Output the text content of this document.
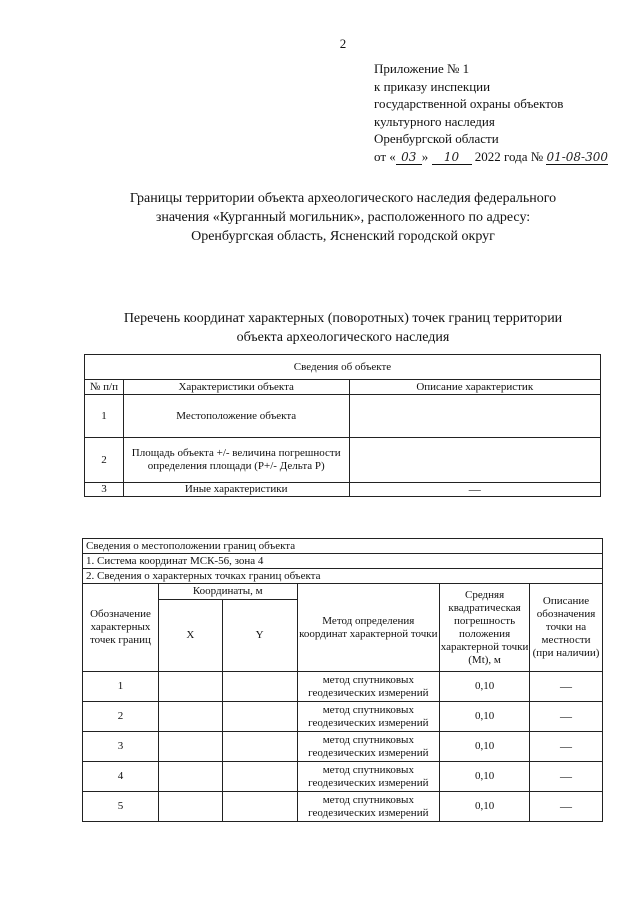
2
Приложение № 1
к приказу инспекции
государственной охраны объектов
культурного наследия
Оренбургской области
от « 03 » 10 2022 года № 01-08-300
Границы территории объекта археологического наследия федерального
значения «Курганный могильник», расположенного по адресу:
Оренбургская область, Ясненский городской округ
Перечень координат характерных (поворотных) точек границ территории
объекта археологического наследия
Сведения об объекте		
№ п/п	Характеристики объекта	Описание характеристик
1	Местоположение объекта	
2	Площадь объекта +/- величина погрешности определения площади (Р+/- Дельта Р)	
3	Иные характеристики	—
Сведения о местоположении границ объекта					
1. Система координат МСК-56, зона 4					
2. Сведения о характерных точках границ объекта					
Обозначение характерных точек границ	Координаты, м		Метод определения координат характерной точки	Средняя квадратическая погрешность положения характерной точки (Mt), м	Описание обозначения точки на местности (при наличии)
	X	Y			
1			метод спутниковых геодезических измерений	0,10	—
2			метод спутниковых геодезических измерений	0,10	—
3			метод спутниковых геодезических измерений	0,10	—
4			метод спутниковых геодезических измерений	0,10	—
5			метод спутниковых геодезических измерений	0,10	—
